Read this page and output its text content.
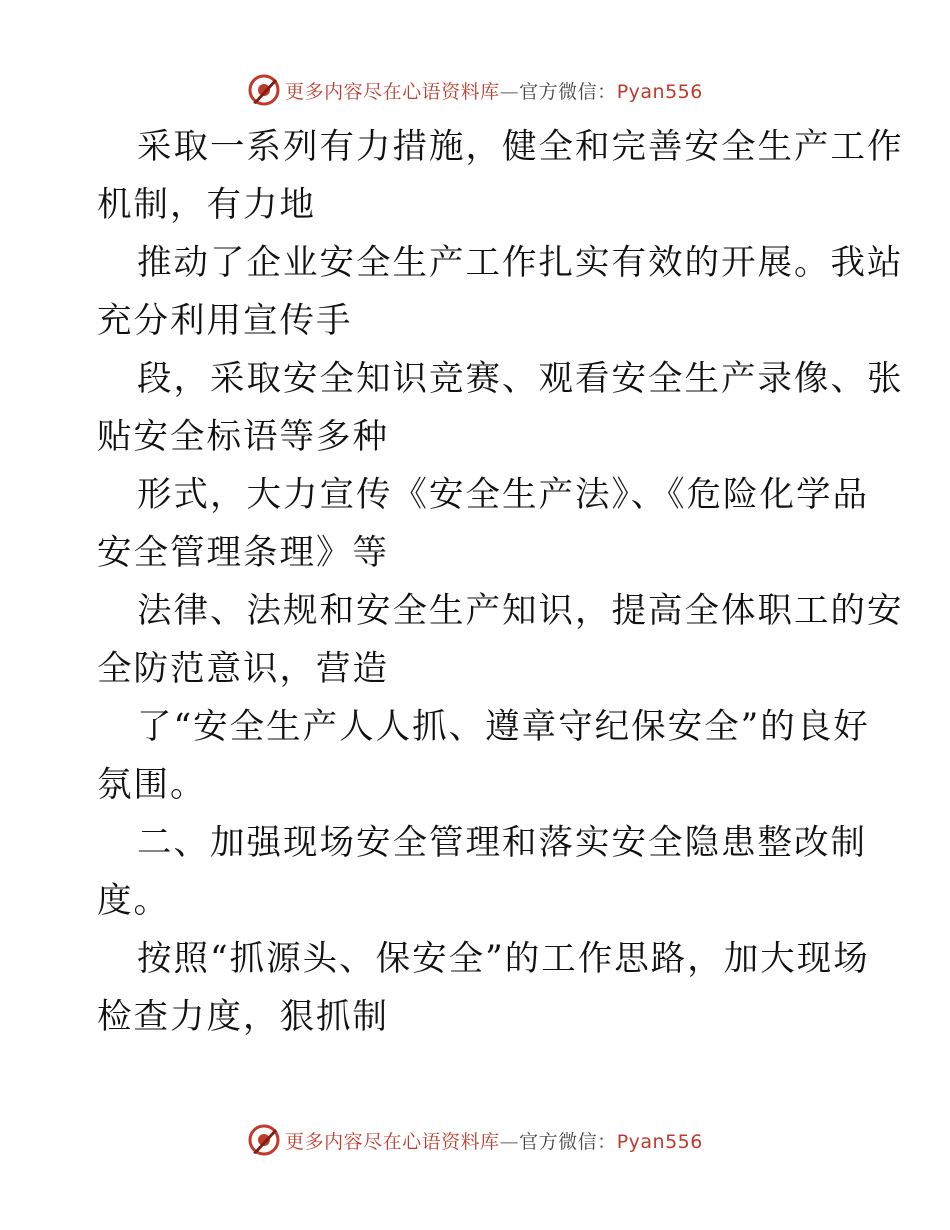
更多内容尽在心语资料库—官方微信：Pyan556

采取一系列有力措施，健全和完善安全生产工作
机制，有力地

推动了企业安全生产工作扎实有效的开展。我站
充分利用宣传手

段，采取安全知识竞赛、观看安全生产录像、张
贴安全标语等多种

形式，大力宣传《安全生产法》、《危险化学品
安全管理条理》等

法律、法规和安全生产知识，提高全体职工的安
全防范意识，营造

了“安全生产人人抓、遵章守纪保安全”的良好
氛围。

二、加强现场安全管理和落实安全隐患整改制
度。

按照“抓源头、保安全”的工作思路，加大现场
检查力度，狠抓制

更多内容尽在心语资料库—官方微信：Pyan556
